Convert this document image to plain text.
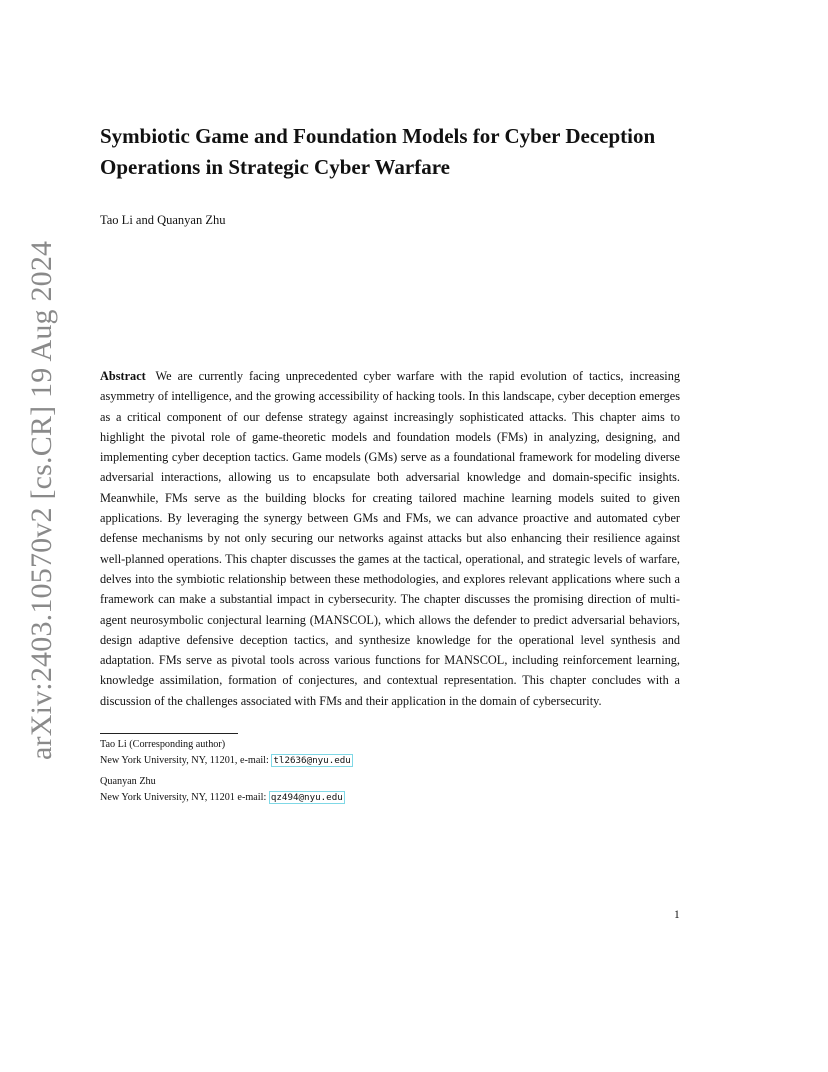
arXiv:2403.10570v2 [cs.CR] 19 Aug 2024
Symbiotic Game and Foundation Models for Cyber Deception Operations in Strategic Cyber Warfare
Tao Li and Quanyan Zhu

Abstract We are currently facing unprecedented cyber warfare with the rapid evolution of tactics, increasing asymmetry of intelligence, and the growing accessibility of hacking tools. In this landscape, cyber deception emerges as a critical component of our defense strategy against increasingly sophisticated attacks. This chapter aims to highlight the pivotal role of game-theoretic models and foundation models (FMs) in analyzing, designing, and implementing cyber deception tactics. Game models (GMs) serve as a foundational framework for modeling diverse adversarial interactions, allowing us to encapsulate both adversarial knowledge and domain-specific insights. Meanwhile, FMs serve as the building blocks for creating tailored machine learning models suited to given applications. By leveraging the synergy between GMs and FMs, we can advance proactive and automated cyber defense mechanisms by not only securing our networks against attacks but also enhancing their resilience against well-planned operations. This chapter discusses the games at the tactical, operational, and strategic levels of warfare, delves into the symbiotic relationship between these methodologies, and explores relevant applications where such a framework can make a substantial impact in cybersecurity. The chapter discusses the promising direction of multi-agent neurosymbolic conjectural learning (MANSCOL), which allows the defender to predict adversarial behaviors, design adaptive defensive deception tactics, and synthesize knowledge for the operational level synthesis and adaptation. FMs serve as pivotal tools across various functions for MANSCOL, including reinforcement learning, knowledge assimilation, formation of conjectures, and contextual representation. This chapter concludes with a discussion of the challenges associated with FMs and their application in the domain of cybersecurity.

Tao Li (Corresponding author)
New York University, NY, 11201, e-mail: tl2636@nyu.edu
Quanyan Zhu
New York University, NY, 11201 e-mail: qz494@nyu.edu
1
